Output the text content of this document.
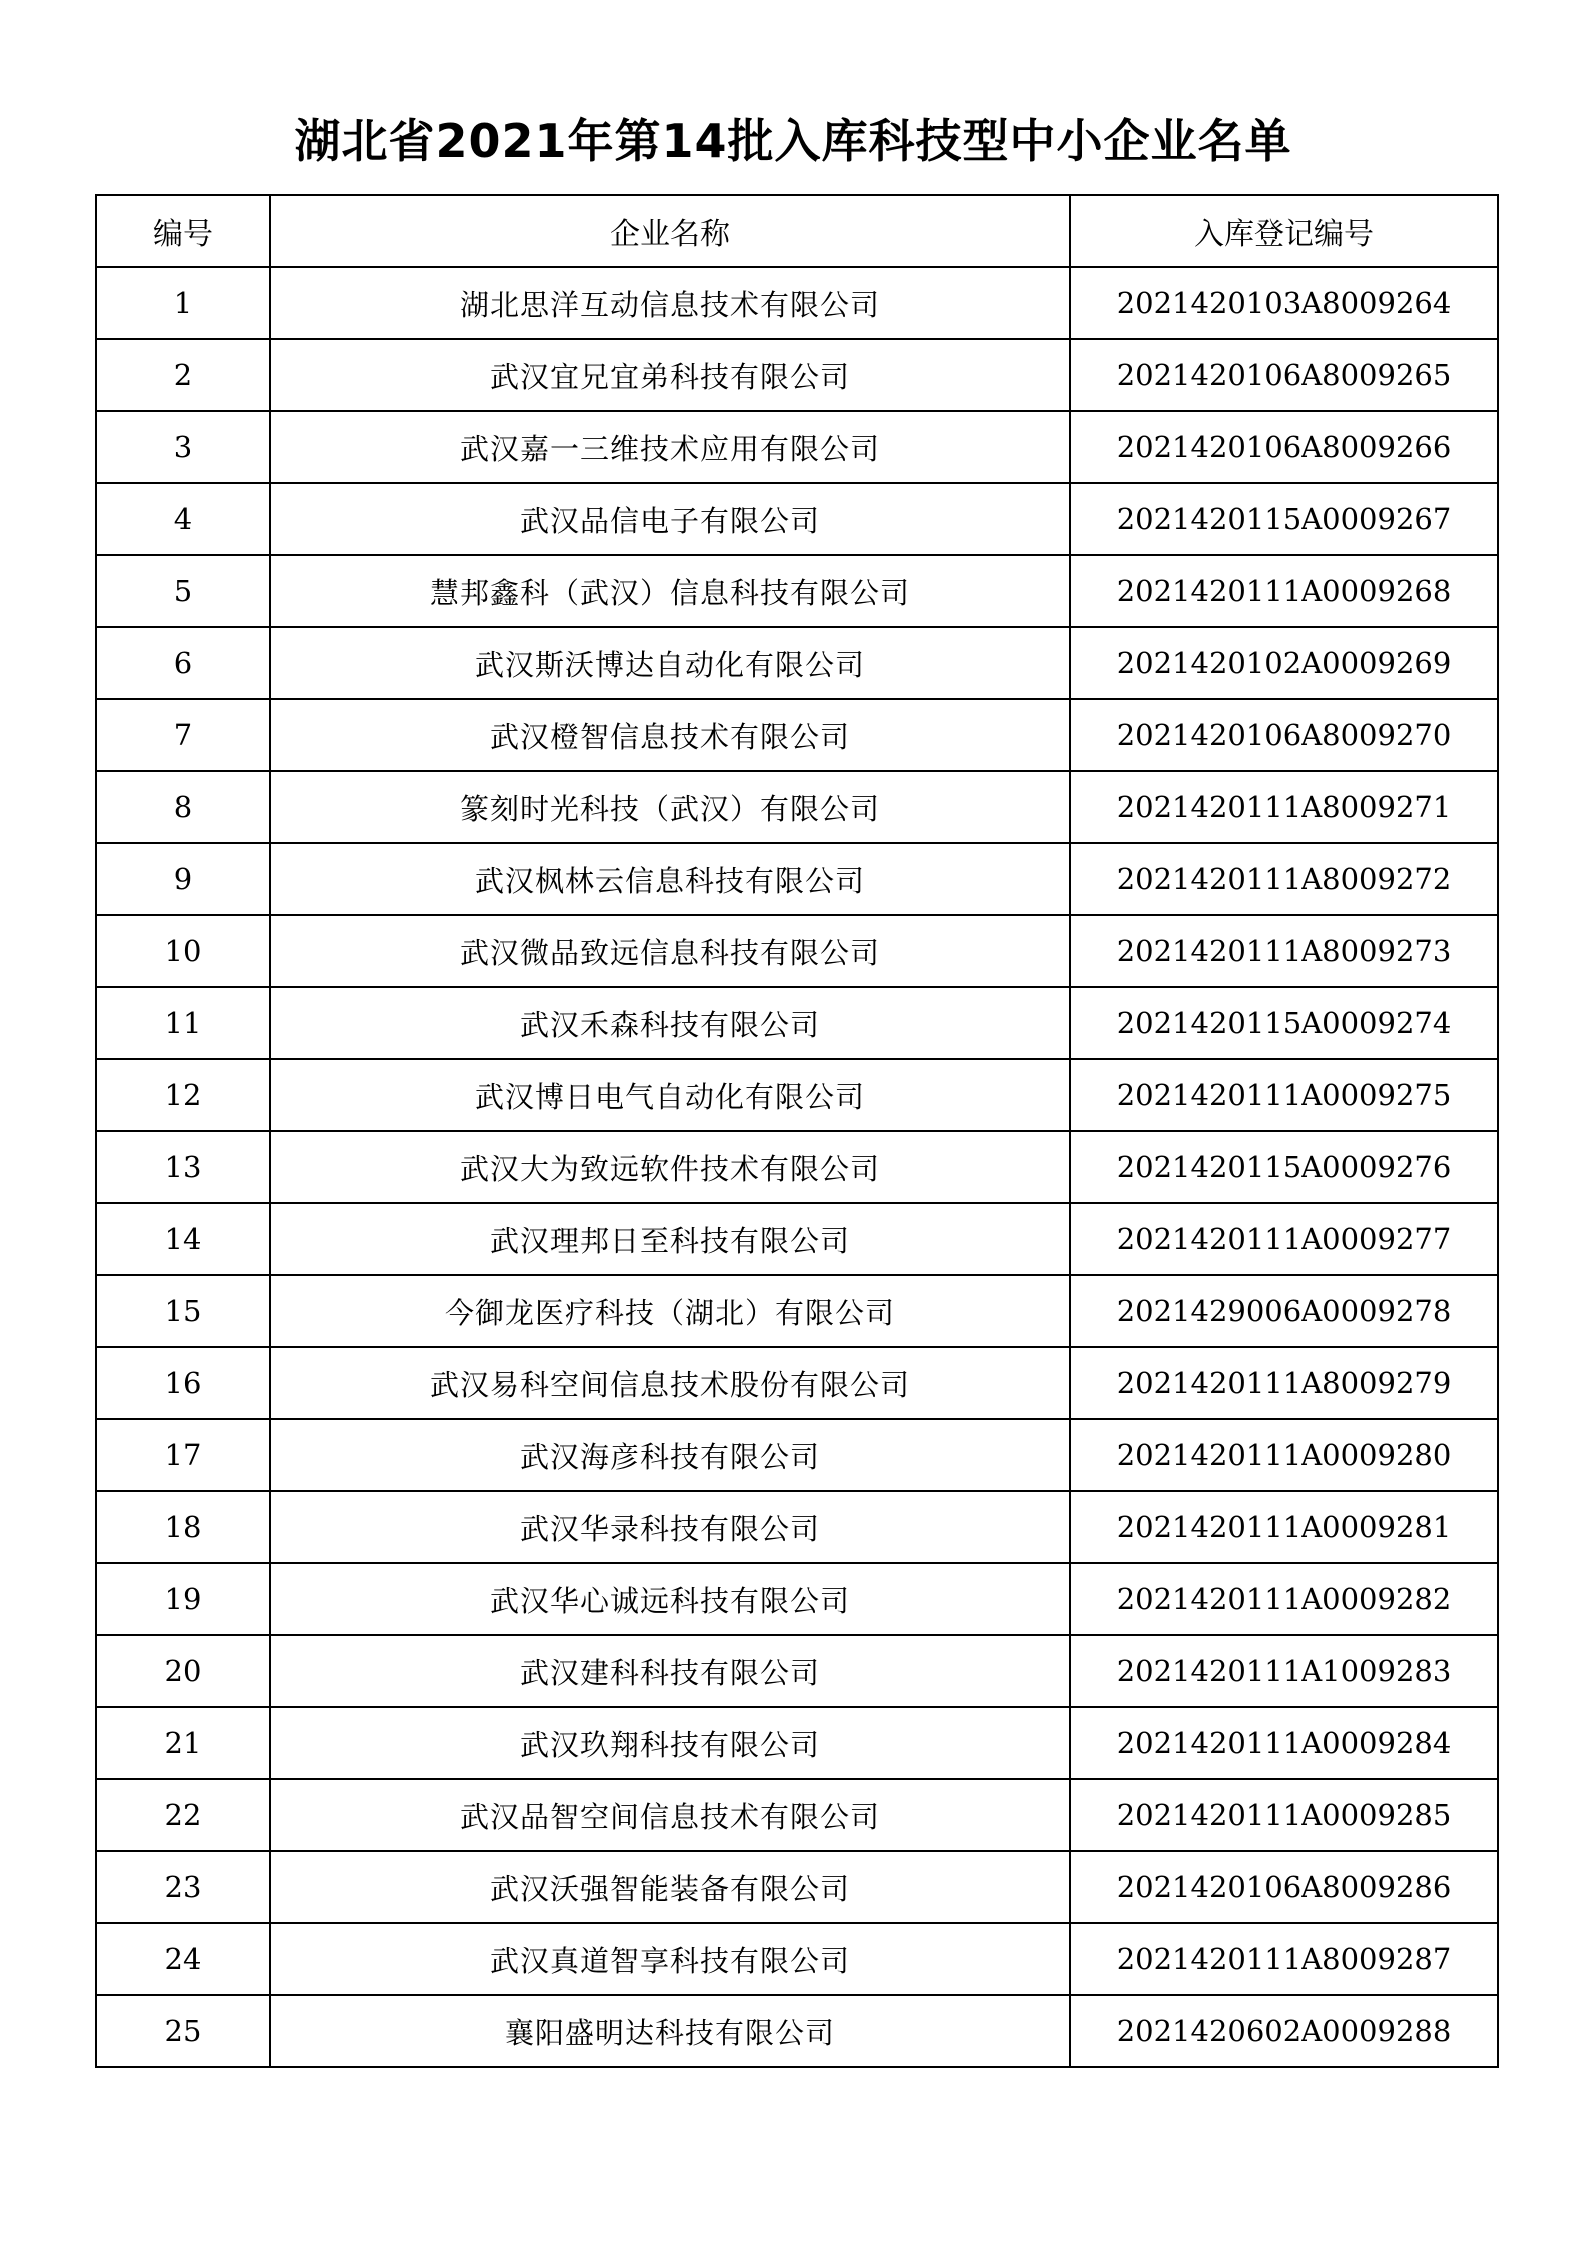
湖北省2021年第14批入库科技型中小企业名单
编号	企业名称	入库登记编号
1	湖北思洋互动信息技术有限公司	2021420103A8009264
2	武汉宜兄宜弟科技有限公司	2021420106A8009265
3	武汉嘉一三维技术应用有限公司	2021420106A8009266
4	武汉品信电子有限公司	2021420115A0009267
5	慧邦鑫科（武汉）信息科技有限公司	2021420111A0009268
6	武汉斯沃博达自动化有限公司	2021420102A0009269
7	武汉橙智信息技术有限公司	2021420106A8009270
8	篆刻时光科技（武汉）有限公司	2021420111A8009271
9	武汉枫林云信息科技有限公司	2021420111A8009272
10	武汉微品致远信息科技有限公司	2021420111A8009273
11	武汉禾森科技有限公司	2021420115A0009274
12	武汉博日电气自动化有限公司	2021420111A0009275
13	武汉大为致远软件技术有限公司	2021420115A0009276
14	武汉理邦日至科技有限公司	2021420111A0009277
15	今御龙医疗科技（湖北）有限公司	2021429006A0009278
16	武汉易科空间信息技术股份有限公司	2021420111A8009279
17	武汉海彦科技有限公司	2021420111A0009280
18	武汉华录科技有限公司	2021420111A0009281
19	武汉华心诚远科技有限公司	2021420111A0009282
20	武汉建科科技有限公司	2021420111A1009283
21	武汉玖翔科技有限公司	2021420111A0009284
22	武汉品智空间信息技术有限公司	2021420111A0009285
23	武汉沃强智能装备有限公司	2021420106A8009286
24	武汉真道智享科技有限公司	2021420111A8009287
25	襄阳盛明达科技有限公司	2021420602A0009288
